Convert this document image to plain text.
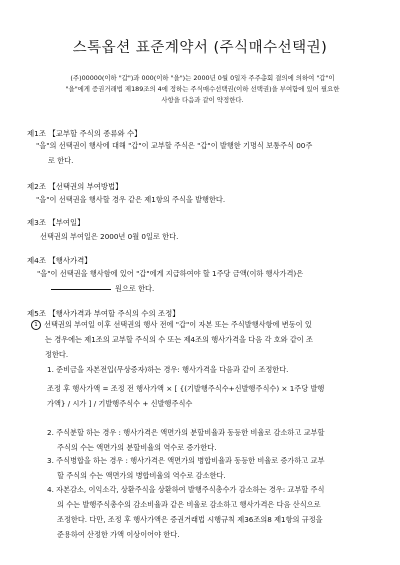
스톡옵션 표준계약서 (주식매수선택권)
(주)00000(이하 "갑")과 000(이하 "을")는 2000년 0월 0일자 주주총회 결의에 의하여 "갑"이
"을"에게 증권거래법 제189조의 4에 정하는 주식매수선택권(이하 선택권)을 부여함에 있어 필요한
사항을 다음과 같이 약정한다.
제1조 【교부할 주식의 종류와 수】
"을"의 선택권이 행사에 대해 "갑"이 교부할 주식은 "갑"이 발행한 기명식 보통주식 00주
로 한다.
제2조 【선택권의 부여방법】
"을"이 선택권을 행사할 경우 같은 제1항의 주식을 발행한다.
제3조 【부여일】
선택권의 부여일은 2000년 0월 0일로 한다.
제4조 【행사가격】
"을"이 선택권을 행사함에 있어 "갑"에게 지급하여야 할 1주당 금액(이하 행사가격)은
원으로 한다.
제5조 【행사가격과 부여할 주식의 수의 조정】
1 선택권의 부여일 이후 선택권의 행사 전에 "갑"이 자본 또는 주식발행사항에 변동이 있
는 경우에는 제1조의 교부할 주식의 수 또는 제4조의 행사가격을 다음 각 호와 같이 조
정한다.
1. 준비금을 자본전입(무상증자)하는 경우: 행사가격을 다음과 같이 조정한다.
조정 후 행사가액 = 조정 전 행사가액 × [ {(기발행주식수+신발행주식수) × 1주당 발행
가액} / 시가 ] / 기발행주식수 + 신발행주식수
2. 주식분할 하는 경우 : 행사가격은 액면가의 분할비율과 동등한 비율로 감소하고 교부할
주식의 수는 액면가의 분할비율의 역수로 증가한다.
3. 주식병합을 하는 경우 : 행사가격은 액면가의 병합비율과 동등한 비율로 증가하고 교부
할 주식의 수는 액면가의 병합비율의 역수로 감소한다.
4. 자본감소, 이익소각, 상환주식을 상환하여 발행주식총수가 감소하는 경우: 교부할 주식
의 수는 발행주식총수의 감소비율과 같은 비율로 감소하고 행사가격은 다음 산식으로
조정한다. 다만, 조정 후 행사가액은 증권거래법 시행규칙 제36조의8 제1항의 규정을
준용하여 산정한 가액 이상이어야 한다.
